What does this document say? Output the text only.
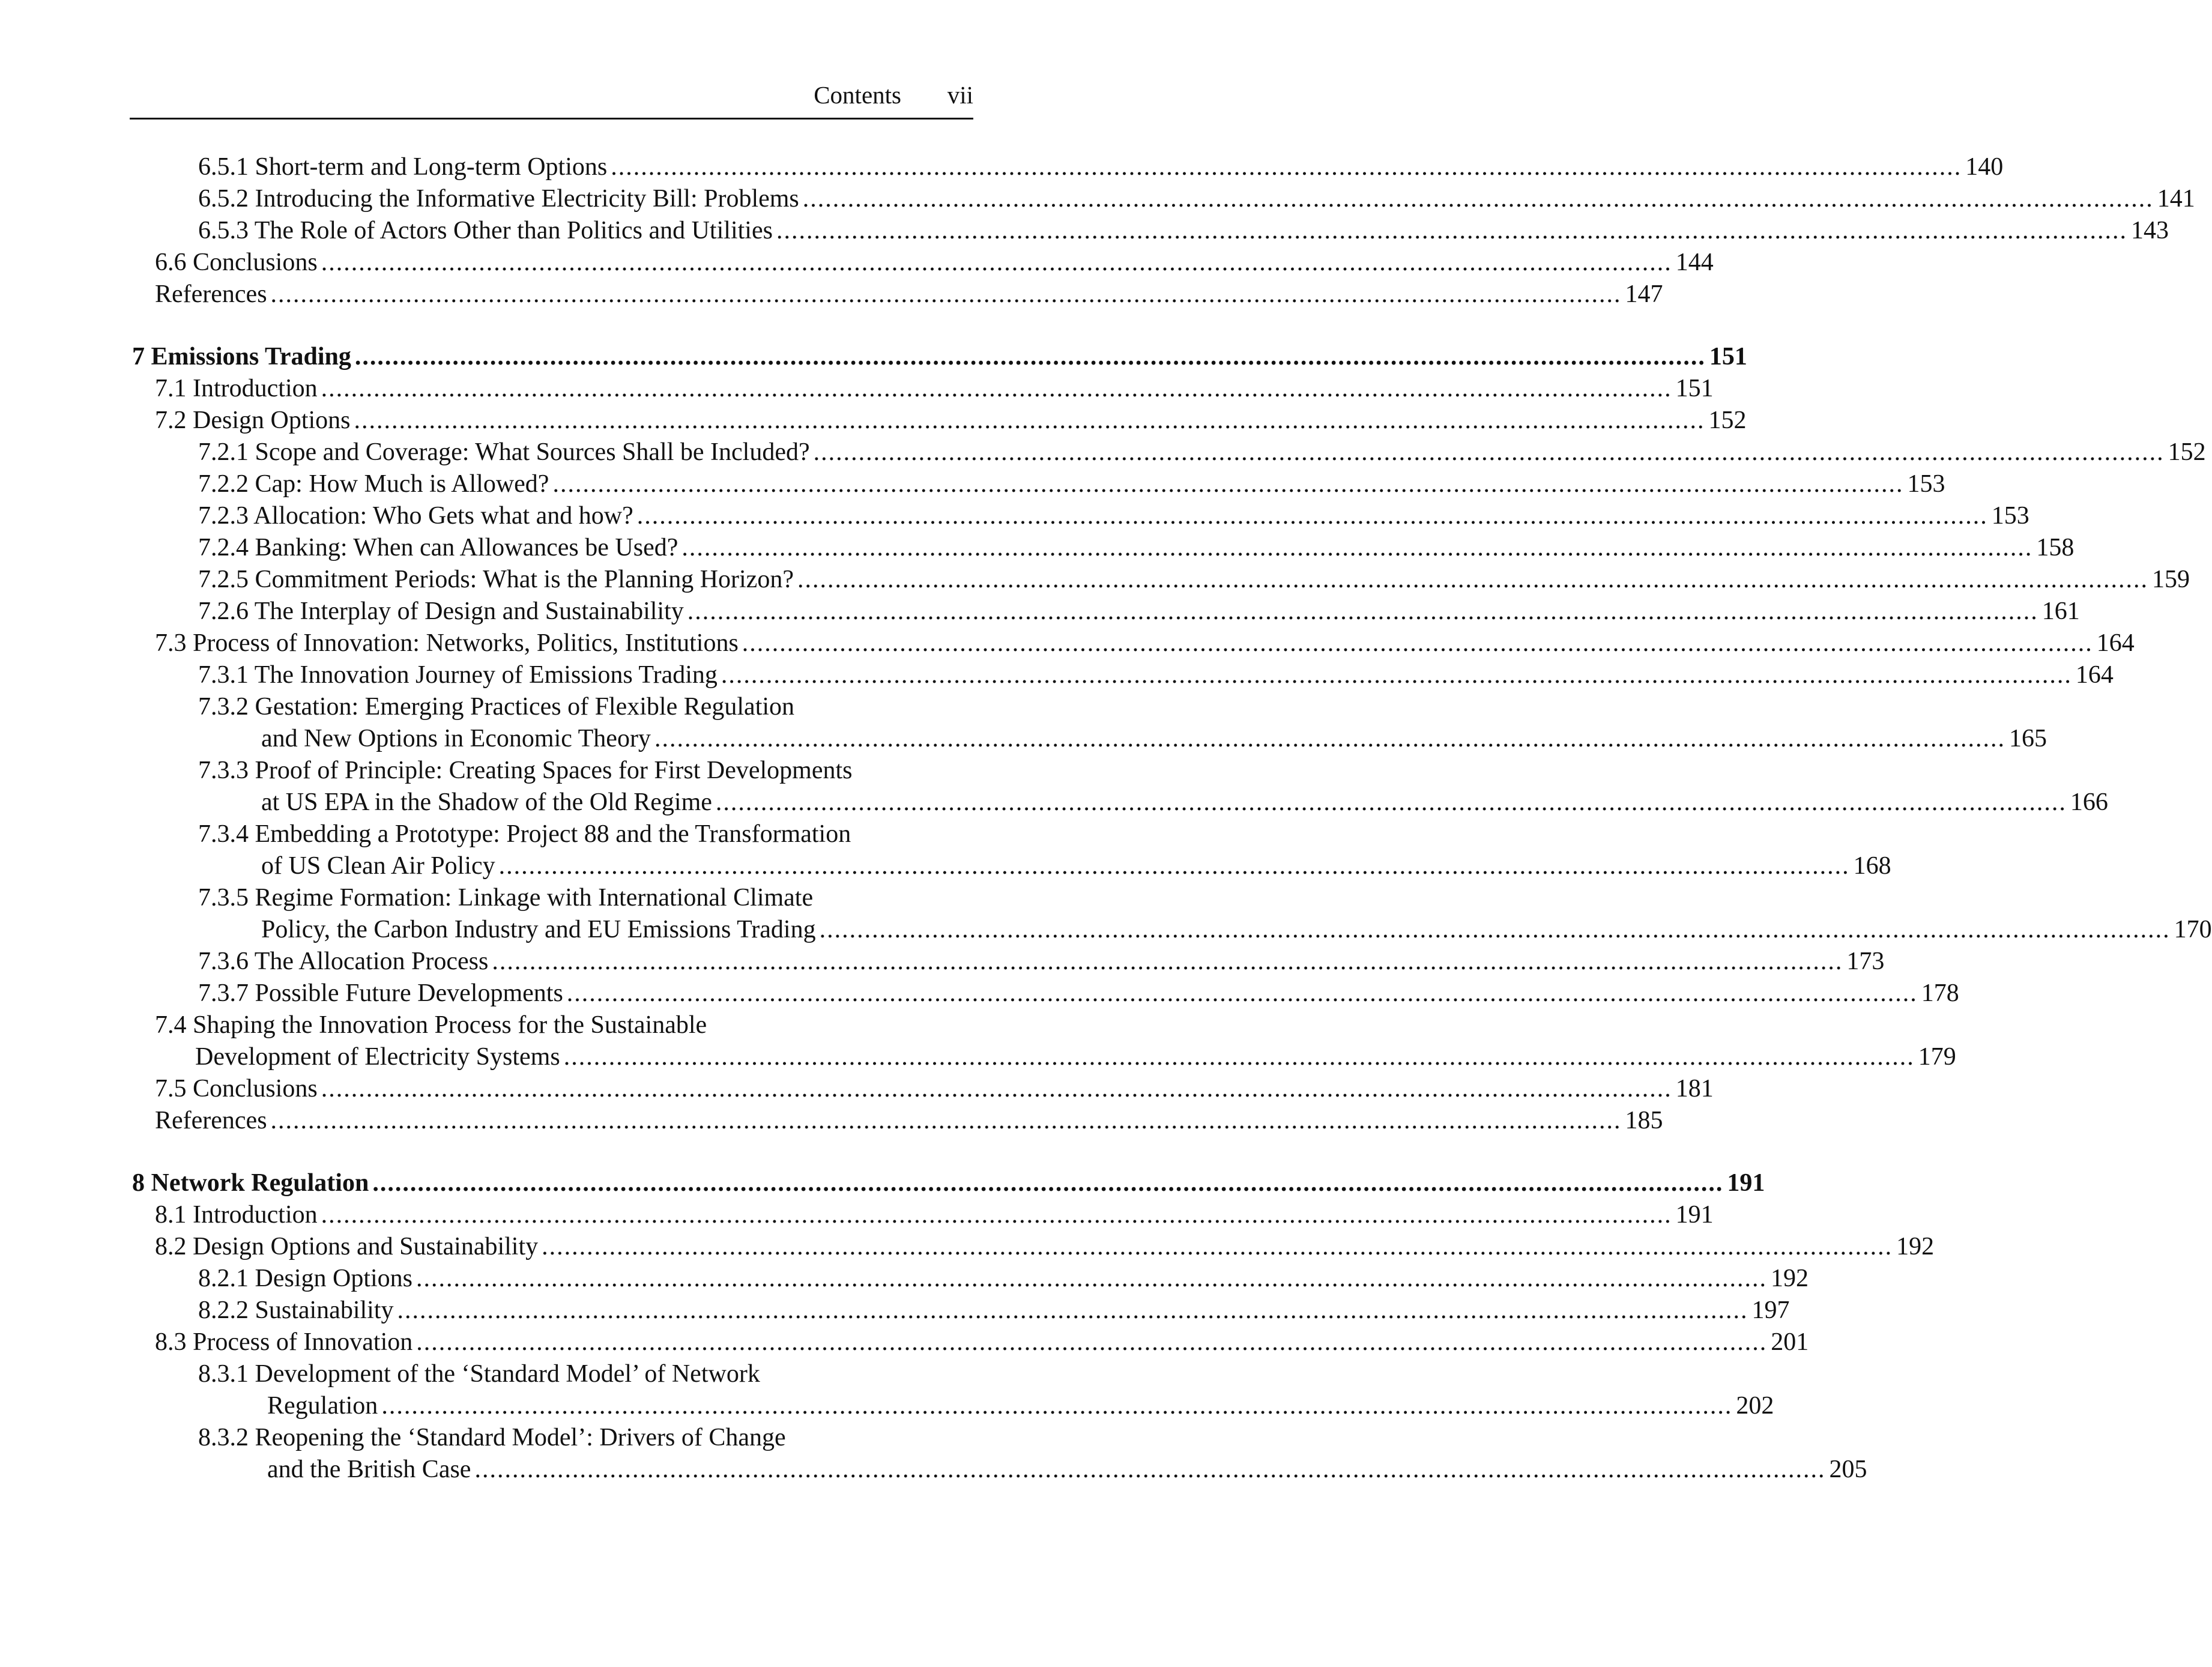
Contents vii
6.5.1 Short-term and Long-term Options .................................................................................................................................................................................... 140
6.5.2 Introducing the Informative Electricity Bill: Problems .................................................................................................................................................................................... 141
6.5.3 The Role of Actors Other than Politics and Utilities .................................................................................................................................................................................... 143
6.6 Conclusions .................................................................................................................................................................................... 144
References .................................................................................................................................................................................... 147
7 Emissions Trading .................................................................................................................................................................................... 151
7.1 Introduction .................................................................................................................................................................................... 151
7.2 Design Options .................................................................................................................................................................................... 152
7.2.1 Scope and Coverage: What Sources Shall be Included? .................................................................................................................................................................................... 152
7.2.2 Cap: How Much is Allowed? .................................................................................................................................................................................... 153
7.2.3 Allocation: Who Gets what and how? .................................................................................................................................................................................... 153
7.2.4 Banking: When can Allowances be Used? .................................................................................................................................................................................... 158
7.2.5 Commitment Periods: What is the Planning Horizon? .................................................................................................................................................................................... 159
7.2.6 The Interplay of Design and Sustainability .................................................................................................................................................................................... 161
7.3 Process of Innovation: Networks, Politics, Institutions .................................................................................................................................................................................... 164
7.3.1 The Innovation Journey of Emissions Trading .................................................................................................................................................................................... 164
7.3.2 Gestation: Emerging Practices of Flexible Regulation
and New Options in Economic Theory .................................................................................................................................................................................... 165
7.3.3 Proof of Principle: Creating Spaces for First Developments
at US EPA in the Shadow of the Old Regime .................................................................................................................................................................................... 166
7.3.4 Embedding a Prototype: Project 88 and the Transformation
of US Clean Air Policy .................................................................................................................................................................................... 168
7.3.5 Regime Formation: Linkage with International Climate
Policy, the Carbon Industry and EU Emissions Trading .................................................................................................................................................................................... 170
7.3.6 The Allocation Process .................................................................................................................................................................................... 173
7.3.7 Possible Future Developments .................................................................................................................................................................................... 178
7.4 Shaping the Innovation Process for the Sustainable
Development of Electricity Systems .................................................................................................................................................................................... 179
7.5 Conclusions .................................................................................................................................................................................... 181
References .................................................................................................................................................................................... 185
8 Network Regulation .................................................................................................................................................................................... 191
8.1 Introduction .................................................................................................................................................................................... 191
8.2 Design Options and Sustainability .................................................................................................................................................................................... 192
8.2.1 Design Options .................................................................................................................................................................................... 192
8.2.2 Sustainability .................................................................................................................................................................................... 197
8.3 Process of Innovation .................................................................................................................................................................................... 201
8.3.1 Development of the ‘Standard Model’ of Network
Regulation .................................................................................................................................................................................... 202
8.3.2 Reopening the ‘Standard Model’: Drivers of Change
and the British Case .................................................................................................................................................................................... 205
